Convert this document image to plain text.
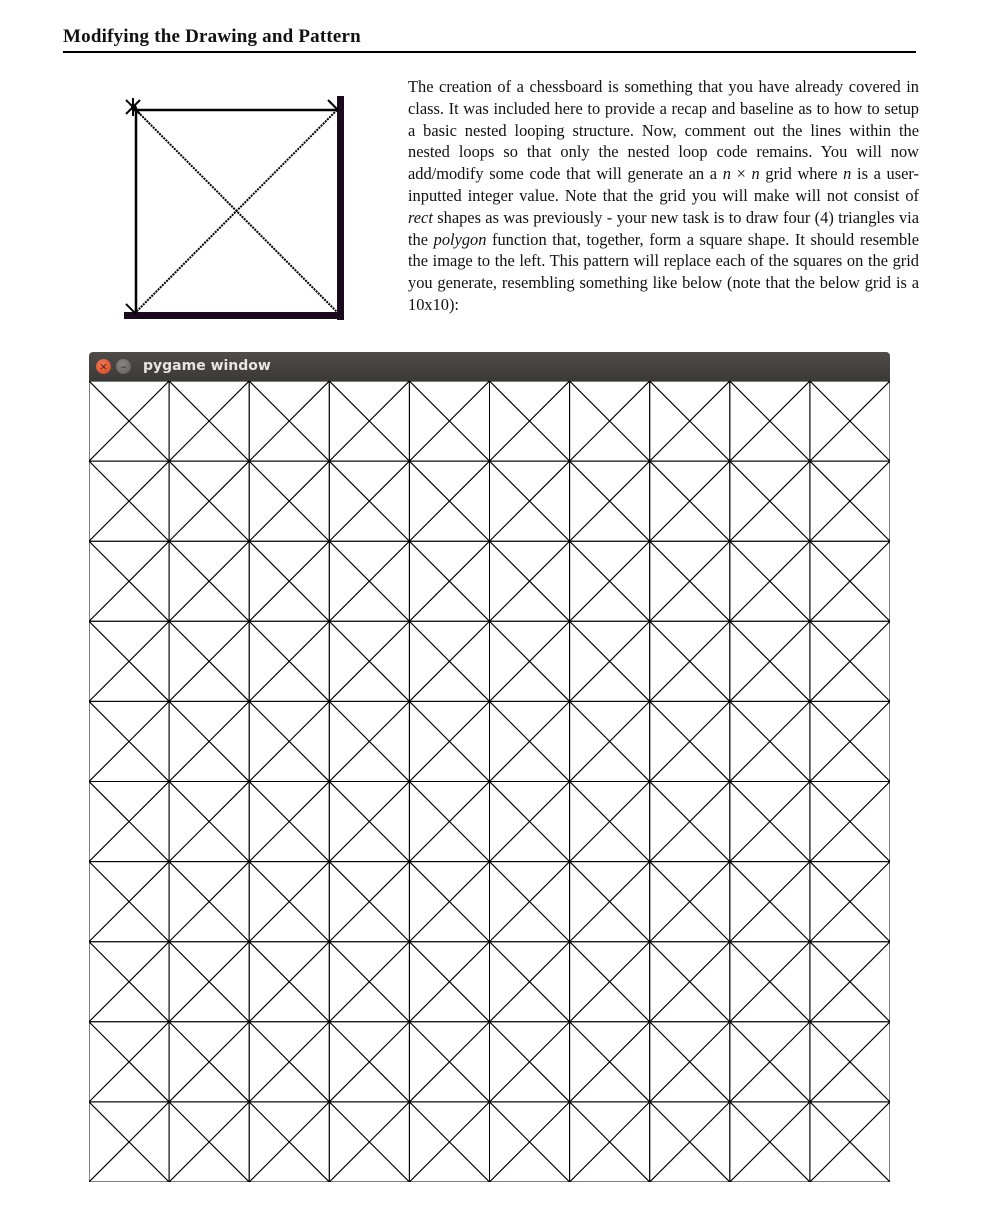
Modifying the Drawing and Pattern
The creation of a chessboard is something that you have already covered in class. It was included here to provide a recap and baseline as to how to setup a basic nested looping structure. Now, comment out the lines within the nested loops so that only the nested loop code remains. You will now add/modify some code that will generate an a n × n grid where n is a user-inputted integer value. Note that the grid you will make will not consist of rect shapes as was previously - your new task is to draw four (4) triangles via the polygon function that, together, form a square shape. It should resemble the image to the left. This pattern will replace each of the squares on the grid you generate, resembling something like below (note that the below grid is a 10x10):
×	–	pygame window
